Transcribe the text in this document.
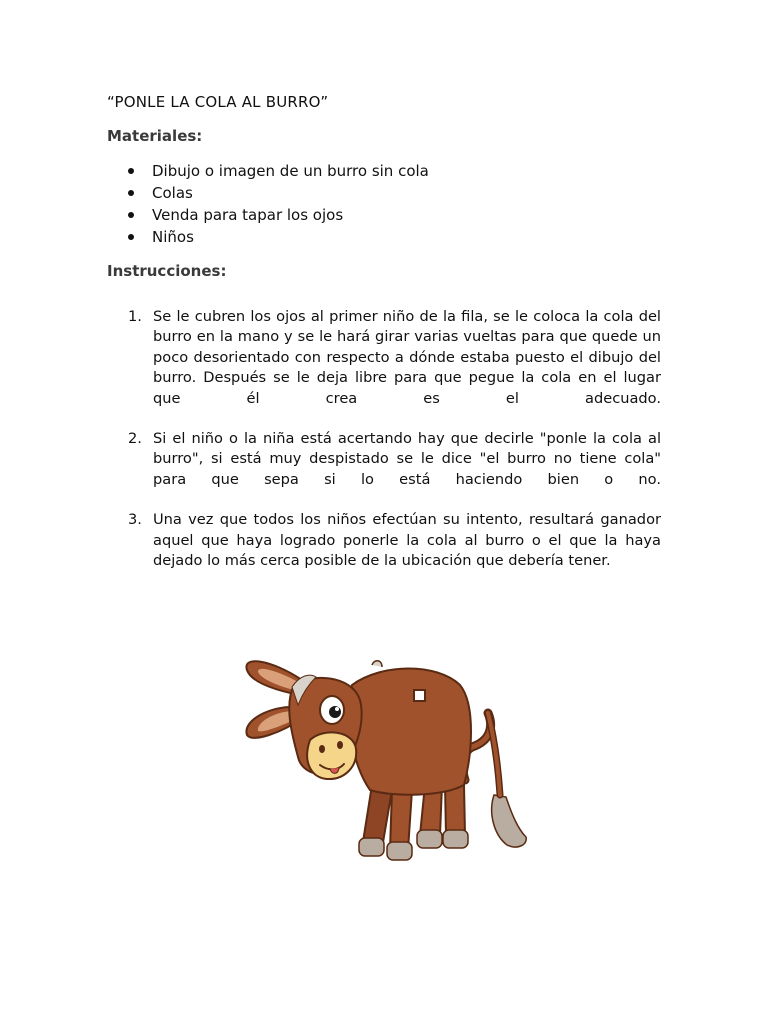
“PONLE LA COLA AL BURRO”
Materiales:
Dibujo o imagen de un burro sin cola
Colas
Venda para tapar los ojos
Niños
Instrucciones:
1. Se le cubren los ojos al primer niño de la fila, se le coloca la cola del burro en la mano y se le hará girar varias vueltas para que quede un poco desorientado con respecto a dónde estaba puesto el dibujo del burro. Después se le deja libre para que pegue la cola en el lugar que él crea es el adecuado.
2. Si el niño o la niña está acertando hay que decirle "ponle la cola al burro", si está muy despistado se le dice "el burro no tiene cola" para que sepa si lo está haciendo bien o no.
3. Una vez que todos los niños efectúan su intento, resultará ganador aquel que haya logrado ponerle la cola al burro o el que la haya dejado lo más cerca posible de la ubicación que debería tener.
